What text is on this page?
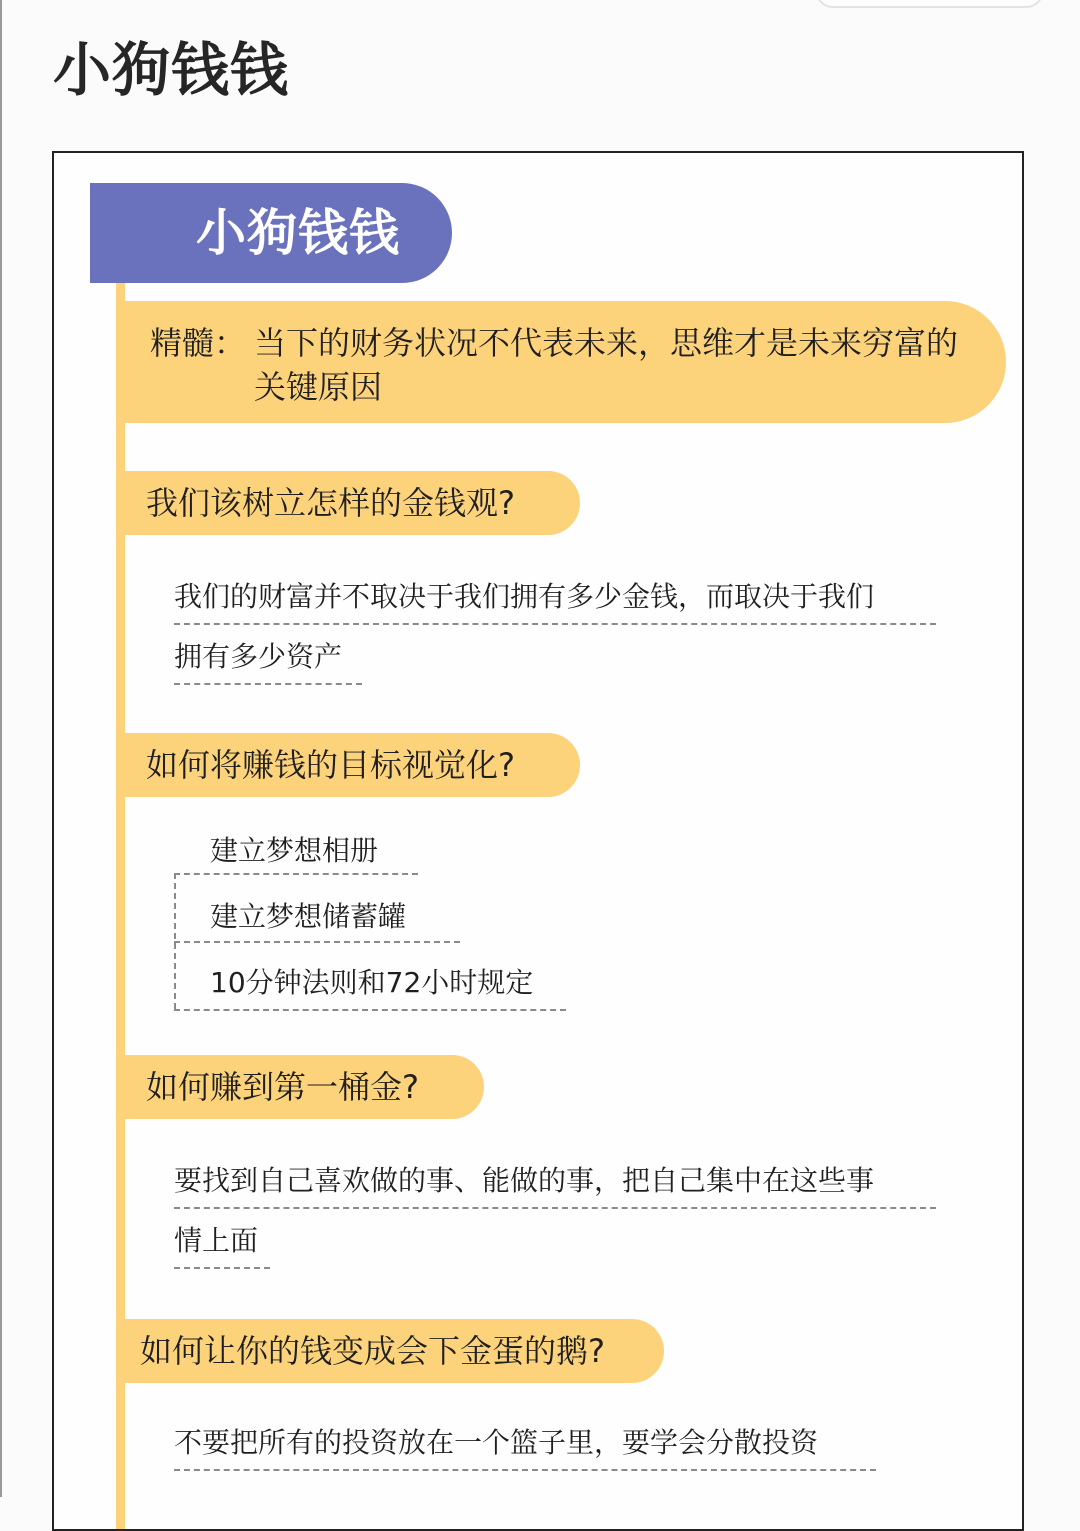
小狗钱钱
小狗钱钱
精髓： 当下的财务状况不代表未来，思维才是未来穷富的关键原因
我们该树立怎样的金钱观?
我们的财富并不取决于我们拥有多少金钱，而取决于我们
拥有多少资产
如何将赚钱的目标视觉化?
建立梦想相册
建立梦想储蓄罐
10分钟法则和72小时规定
如何赚到第一桶金?
要找到自己喜欢做的事、能做的事，把自己集中在这些事
情上面
如何让你的钱变成会下金蛋的鹅?
不要把所有的投资放在一个篮子里，要学会分散投资
